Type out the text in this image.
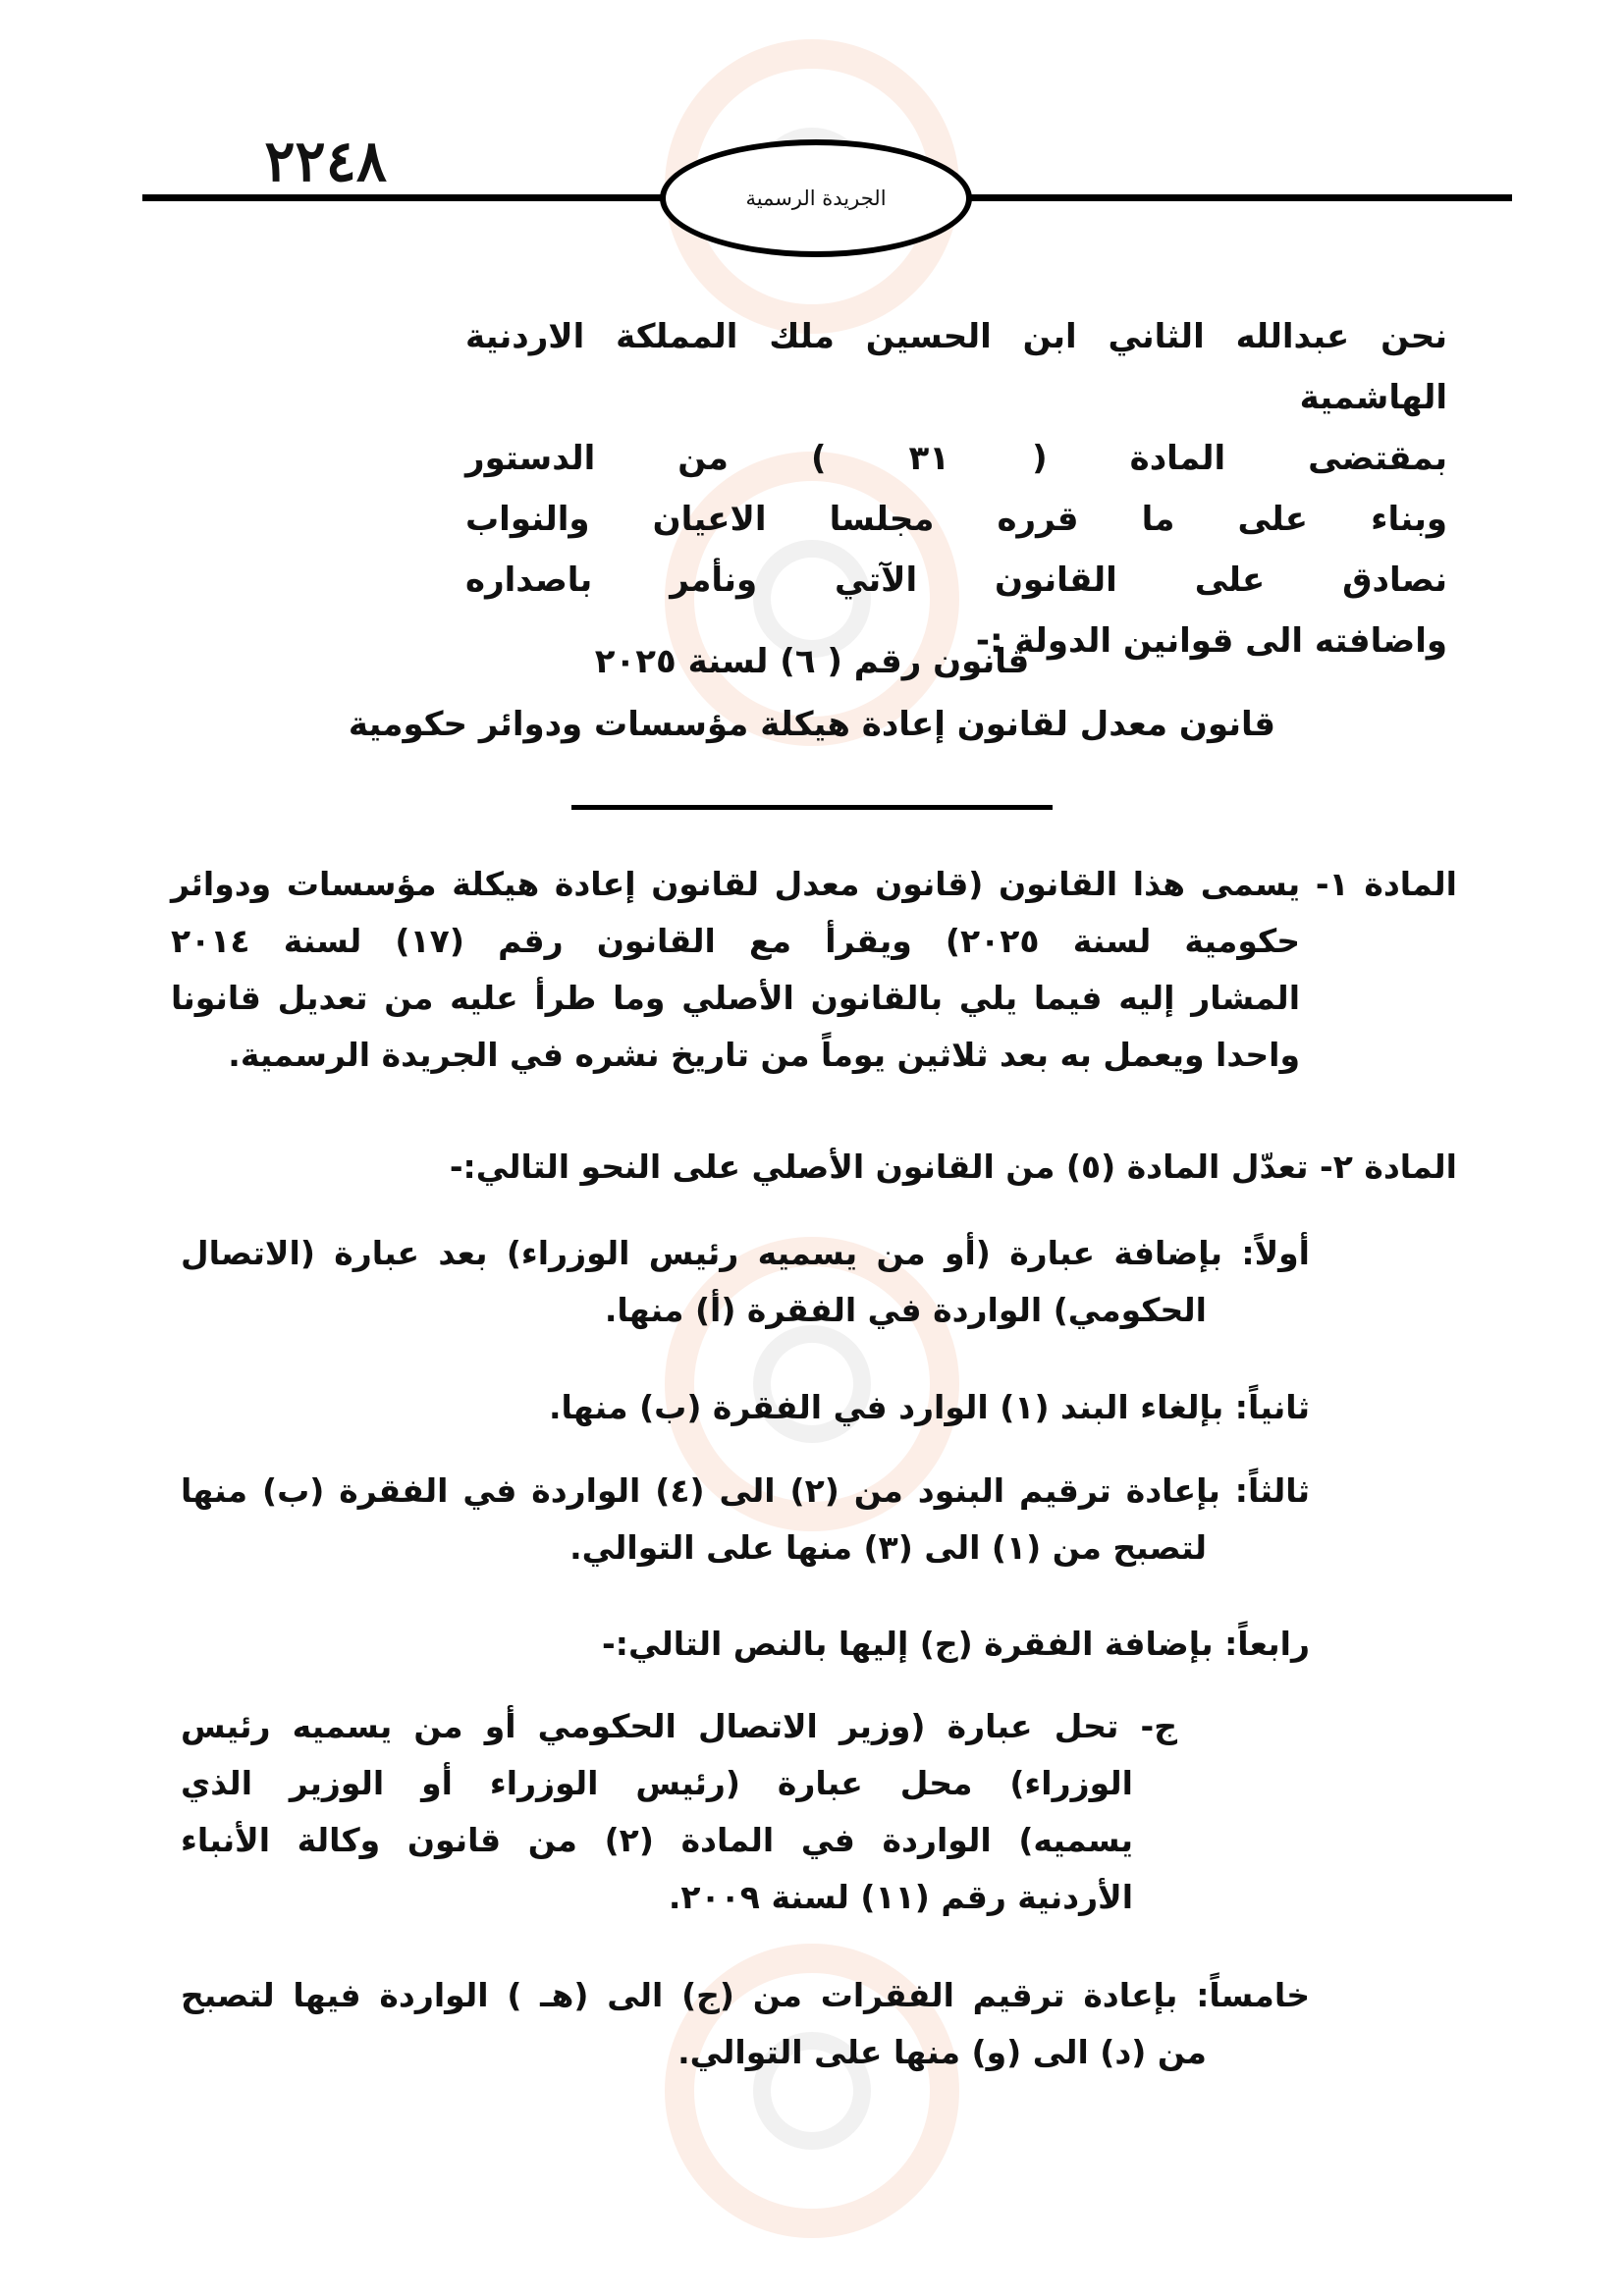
٢٢٤٨
الجريدة الرسمية
نحن عبدالله الثاني ابن الحسين ملك المملكة الاردنية الهاشمية
بمقتضى المادة ( ٣١ ) من الدستور
وبناء على ما قرره مجلسا الاعيان والنواب
نصادق على القانون الآتي ونأمر باصداره
واضافته الى قوانين الدولة :-
قانون رقم ( ٦) لسنة ٢٠٢٥
قانون معدل لقانون إعادة هيكلة مؤسسات ودوائر حكومية
المادة ١- يسمى هذا القانون (قانون معدل لقانون إعادة هيكلة مؤسسات ودوائر
حكومية لسنة ٢٠٢٥) ويقرأ مع القانون رقم (١٧) لسنة ٢٠١٤
المشار إليه فيما يلي بالقانون الأصلي وما طرأ عليه من تعديل قانونا
واحدا ويعمل به بعد ثلاثين يوماً من تاريخ نشره في الجريدة الرسمية.
المادة ٢- تعدّل المادة (٥) من القانون الأصلي على النحو التالي:-
أولاً: بإضافة عبارة (أو من يسميه رئيس الوزراء) بعد عبارة (الاتصال
الحكومي) الواردة في الفقرة (أ) منها.
ثانياً: بإلغاء البند (١) الوارد في الفقرة (ب) منها.
ثالثاً: بإعادة ترقيم البنود من (٢) الى (٤) الواردة في الفقرة (ب) منها
لتصبح من (١) الى (٣) منها على التوالي.
رابعاً: بإضافة الفقرة (ج) إليها بالنص التالي:-
ج- تحل عبارة (وزير الاتصال الحكومي أو من يسميه رئيس
الوزراء) محل عبارة (رئيس الوزراء أو الوزير الذي
يسميه) الواردة في المادة (٢) من قانون وكالة الأنباء
الأردنية رقم (١١) لسنة ٢٠٠٩.
خامساً: بإعادة ترقيم الفقرات من (ج) الى (هـ ) الواردة فيها لتصبح
من (د) الى (و) منها على التوالي.
